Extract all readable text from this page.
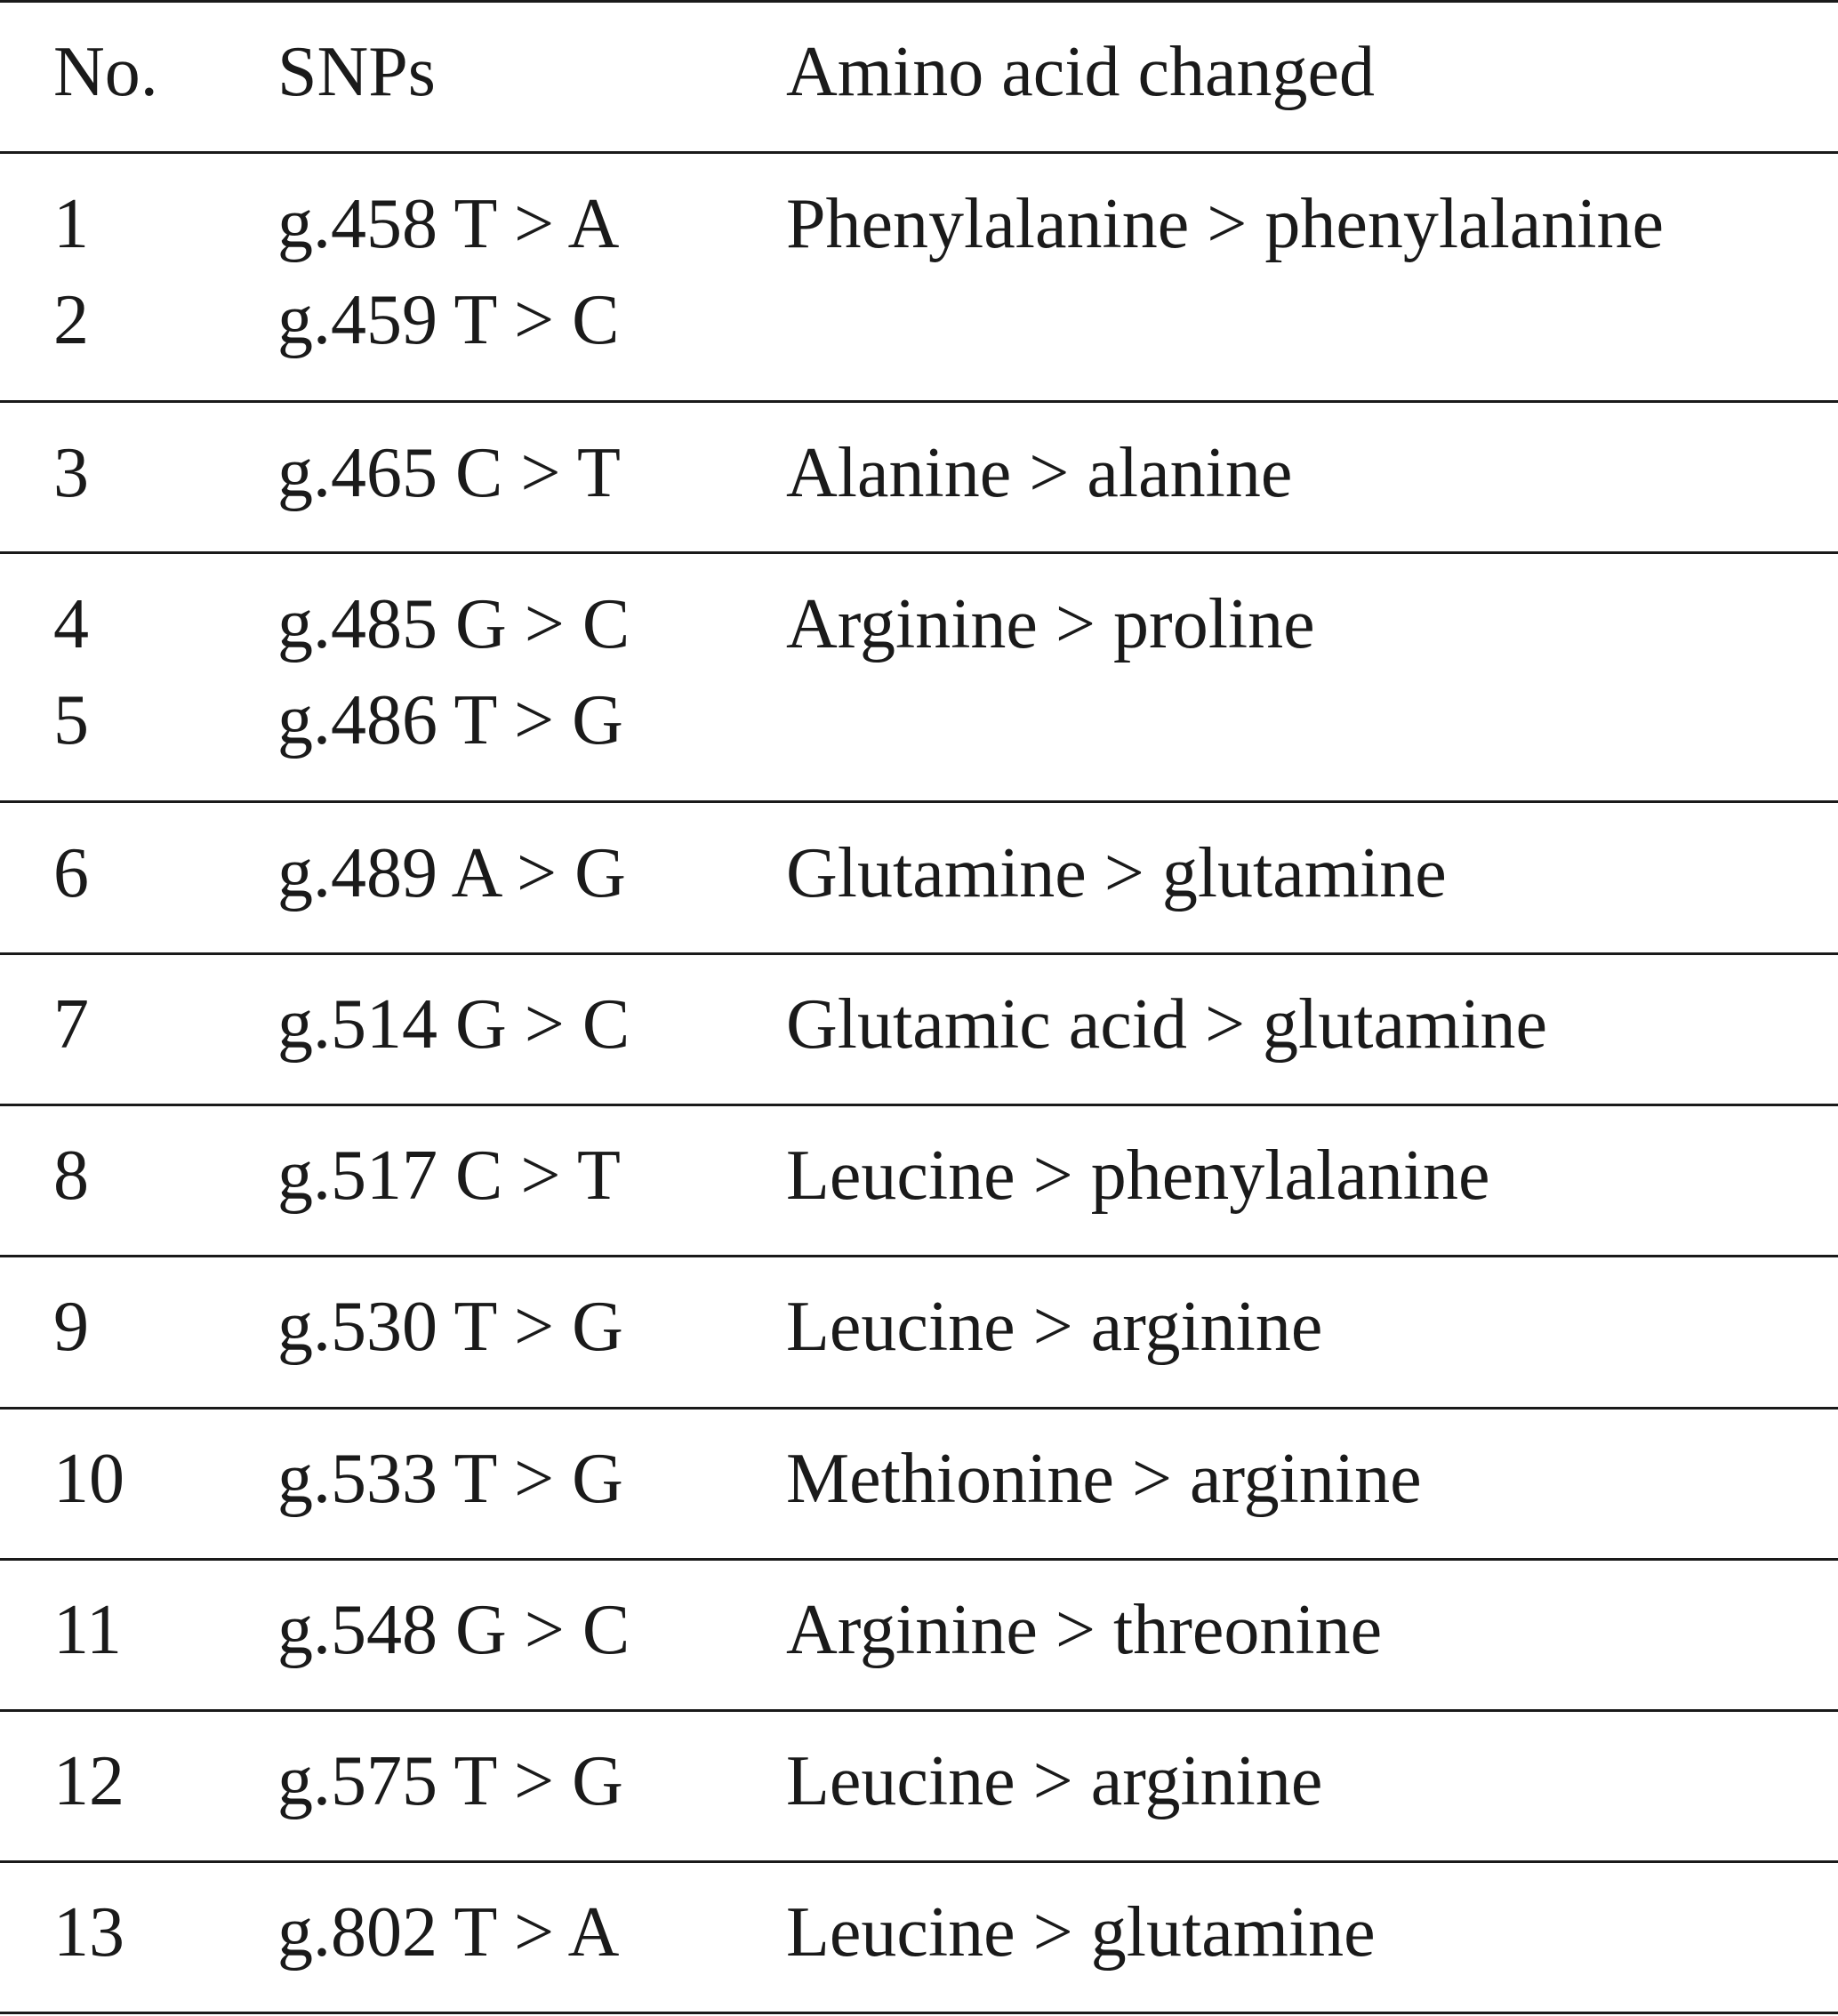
No. SNPs	Amino acid changed
1	g.458 T > A Phenylalanine > phenylalanine
2	g.459 T > C
3	g.465 C > T Alanine > alanine
4	g.485 G > C Arginine > proline
5	g.486 T > G
6	g.489 A > G Glutamine > glutamine
7	g.514 G > C Glutamic acid > glutamine
8	g.517 C > T Leucine > phenylalanine
9	g.530 T > G Leucine > arginine
10 g.533 T > G Methionine > arginine
11 g.548 G > C Arginine > threonine
12 g.575 T > G Leucine > arginine
13 g.802 T > A Leucine > glutamine
